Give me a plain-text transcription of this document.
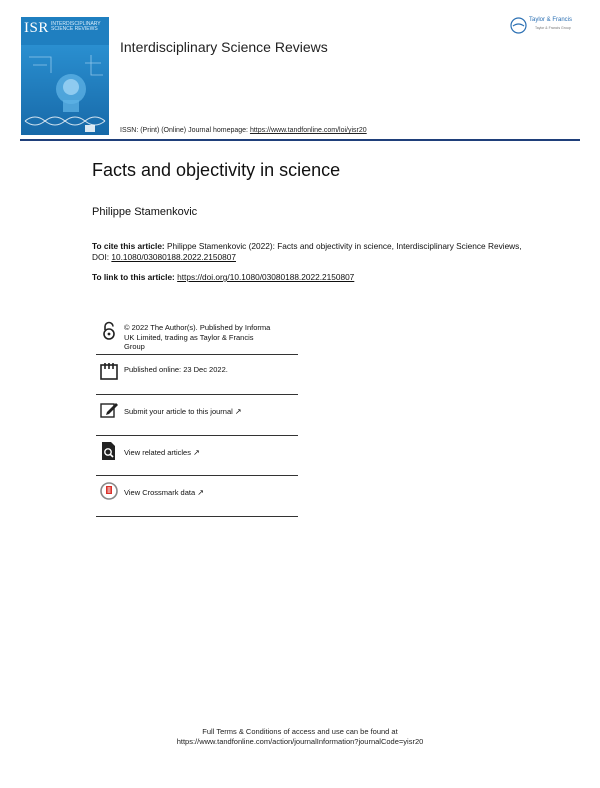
ISR INTERDISCIPLINARY SCIENCE REVIEWS
Interdisciplinary Science Reviews
ISSN: (Print) (Online) Journal homepage: https://www.tandfonline.com/loi/yisr20
Taylor & Francis
Taylor & Francis Group
Facts and objectivity in science
Philippe Stamenkovic
To cite this article: Philippe Stamenkovic (2022): Facts and objectivity in science, Interdisciplinary Science Reviews, DOI: 10.1080/03080188.2022.2150807
To link to this article: https://doi.org/10.1080/03080188.2022.2150807
© 2022 The Author(s). Published by Informa
UK Limited, trading as Taylor & Francis
Group
Published online: 23 Dec 2022.
Submit your article to this journal ↗
View related articles ↗
View Crossmark data ↗
Full Terms & Conditions of access and use can be found at
https://www.tandfonline.com/action/journalInformation?journalCode=yisr20
